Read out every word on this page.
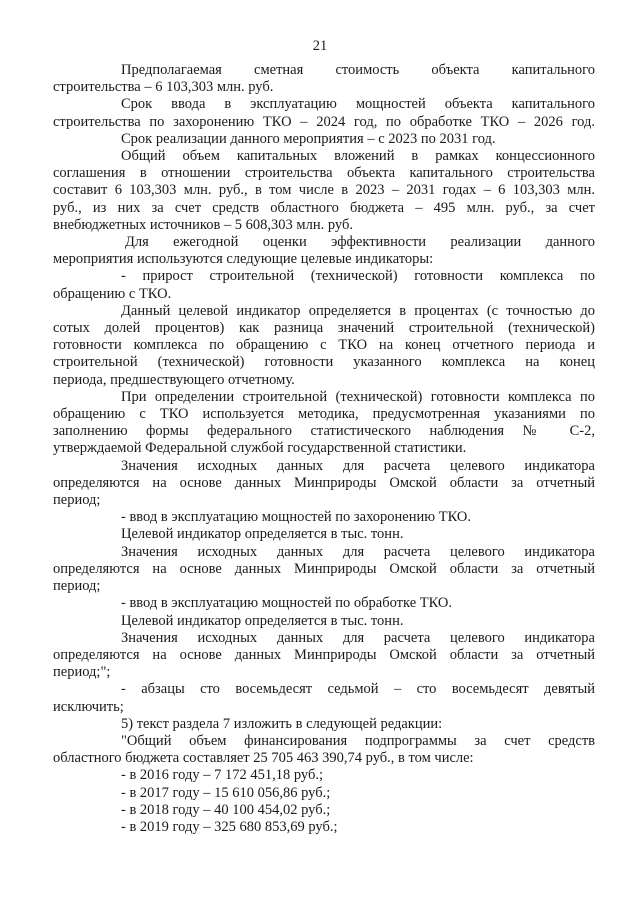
21

Предполагаемая сметная стоимость объекта капитального
строительства – 6 103,303 млн. руб.

Срок ввода в эксплуатацию мощностей объекта капитального
строительства по захоронению ТКО – 2024 год, по обработке ТКО – 2026 год.

Срок реализации данного мероприятия – с 2023 по 2031 год.

Общий объем капитальных вложений в рамках концессионного
соглашения в отношении строительства объекта капитального строительства
составит 6 103,303 млн. руб., в том числе в 2023 – 2031 годах – 6 103,303 млн.
руб., из них за счет средств областного бюджета – 495 млн. руб., за счет
внебюджетных источников – 5 608,303 млн. руб.

Для ежегодной оценки эффективности реализации данного
мероприятия используются следующие целевые индикаторы:

- прирост строительной (технической) готовности комплекса по
обращению с ТКО.

Данный целевой индикатор определяется в процентах (с точностью до
сотых долей процентов) как разница значений строительной (технической)
готовности комплекса по обращению с ТКО на конец отчетного периода и
строительной (технической) готовности указанного комплекса на конец
периода, предшествующего отчетному.

При определении строительной (технической) готовности комплекса по
обращению с ТКО используется методика, предусмотренная указаниями по
заполнению формы федерального статистического наблюдения № С-2,
утверждаемой Федеральной службой государственной статистики.

Значения исходных данных для расчета целевого индикатора
определяются на основе данных Минприроды Омской области за отчетный
период;

- ввод в эксплуатацию мощностей по захоронению ТКО.

Целевой индикатор определяется в тыс. тонн.

Значения исходных данных для расчета целевого индикатора
определяются на основе данных Минприроды Омской области за отчетный
период;

- ввод в эксплуатацию мощностей по обработке ТКО.

Целевой индикатор определяется в тыс. тонн.

Значения исходных данных для расчета целевого индикатора
определяются на основе данных Минприроды Омской области за отчетный
период;";

- абзацы сто восемьдесят седьмой – сто восемьдесят девятый
исключить;

5) текст раздела 7 изложить в следующей редакции:

"Общий объем финансирования подпрограммы за счет средств
областного бюджета составляет 25 705 463 390,74 руб., в том числе:

- в 2016 году – 7 172 451,18 руб.;

- в 2017 году – 15 610 056,86 руб.;

- в 2018 году – 40 100 454,02 руб.;

- в 2019 году – 325 680 853,69 руб.;
